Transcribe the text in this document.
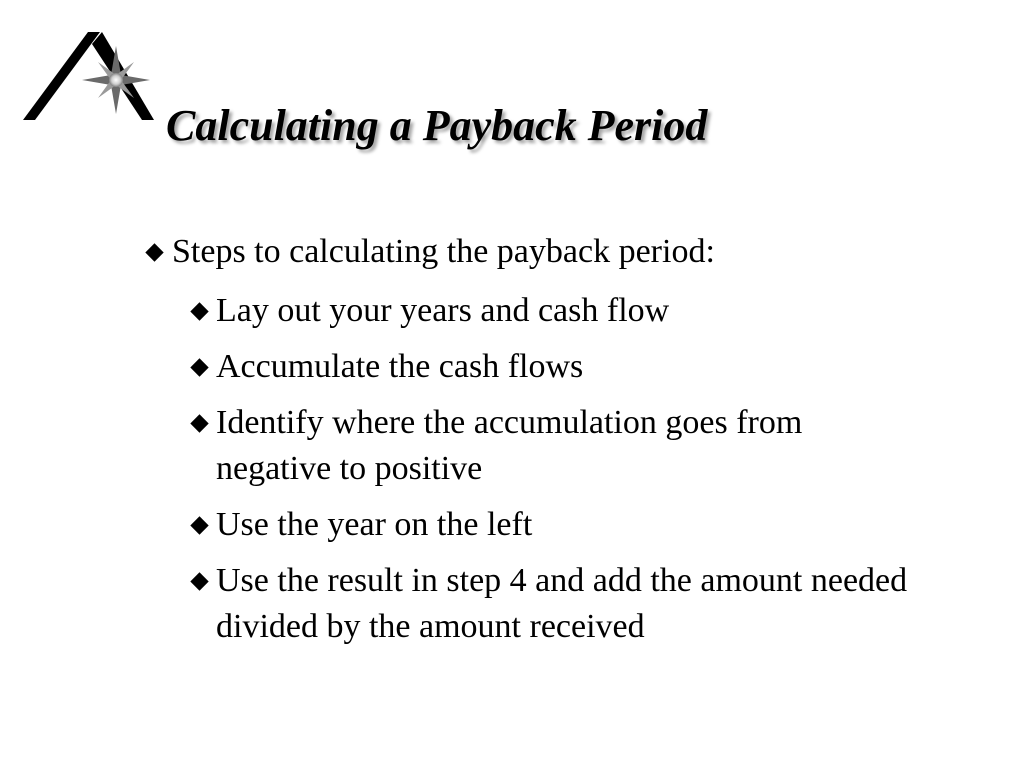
Calculating a Payback Period
Steps to calculating the payback period:
Lay out your years and cash flow
Accumulate the cash flows
Identify where the accumulation goes from negative to positive
Use the year on the left
Use the result in step 4 and add the amount needed divided by the amount received
